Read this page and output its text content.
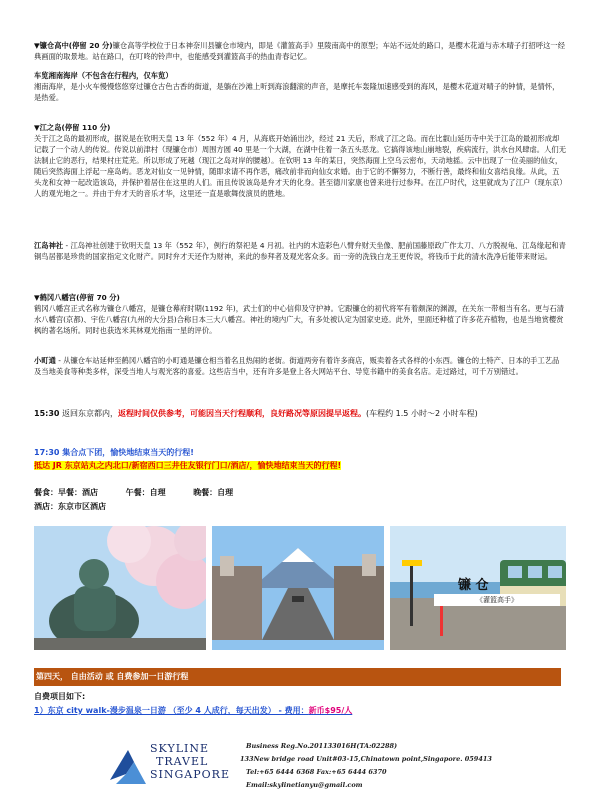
▼镰仓高中(停留 20 分)镰仓高等学校位于日本神奈川县镰仓市境内，即是《灌篮高手》里陵南高中的原型；车站不远处的路口，是樱木花道与赤木晴子打招呼这一经典画面的取景地。站在路口，在叮咚的铃声中，也能感受到灌篮高手的热血青春记忆。

车览湘南海岸（不包含在行程内，仅车览）

湘南海岸，是小火车慢慢悠悠穿过镰仓古色古香的街道，是躺在沙滩上听到海浪翻滚的声音，是摩托车轰隆加速感受到的海风，是樱木花道对晴子的钟情，是情怀，是热爱。

▼江之岛(停留 110 分)

关于江之岛的最初形成，据说是在钦明天皇 13 年（552 年）4 月，从海底开始涌出沙，经过 21 天后，形成了江之岛。而在比叡山延历寺中关于江岛的最初形成却记载了一个动人的传说。传说以前津村（现镰仓市）周围方圆 40 里是一个大湖，在湖中住着一条五头恶龙。它搞得该地山崩地裂，疾病流行，洪水台风肆虐。人们无法制止它的恶行，结果村庄荒芜。所以形成了死越（现江之岛对岸的腰越）。在钦明 13 年的某日，突然海面上空乌云密布，天动地摇。云中出现了一位美丽的仙女，随后突然海面上浮起一座岛屿。恶龙对仙女一见钟情，随即求请不再作恶，痛改前非而向仙女求婚。由于它的不懈努力，不断行善，最终和仙女喜结良缘。从此，五头龙和女神一起改造该岛，并保护着居住在这里的人们。而且传说该岛是弁才天的化身。甚至德川家康也曾来进行过参拜。在江户时代，这里就成为了江户（现东京）人的观光地之一。并由于弁才天的音乐才华，这里还一直是歌舞伎演员的胜地。

江岛神社 - 江岛神社创建于钦明天皇 13 年（552 年），例行的祭祀是 4 月初。社内的木造彩色八臂弁财天坐像、肥前国藤原政广作太刀、八方脱视龟、江岛缘起和青铜鸟居都是珍贵的国家指定文化财产。同时弁才天还作为财神，来此的参拜者及观光客众多。而一旁的洗钱白龙王更传说，将钱币于此的清水洗净后能带来财运。

▼鹤冈八幡宫(停留 70 分)

鹤冈八幡宫正式名称为镰仓八幡宫，是镰仓幕府时期(1192 年)，武士们的中心信仰及守护神。它跟镰仓的初代将军有着颇深的渊源，在关东一带相当有名。更与石清水八幡宫(京都)、宇佐八幡宫(九州的大分县)合称日本三大八幡宫。神社的境内广大，有多处被认定为国家史迹。此外，里面还种植了许多花卉植物，也是当地赏樱赏枫的著名场所。同时也获选米其林观光指南一星的评价。

小町通 - 从镰仓车站延伸至鹤冈八幡宫的小町通是镰仓相当着名且热闹的老街。街道两旁有着许多商店，贩卖着各式各样的小东西。镰仓的土特产、日本的手工艺品及当地美食等种类多样，深受当地人与观光客的喜爱。这些店当中，还有许多是登上各大网站平台、导览书籍中的美食名店。走过路过，可千万别错过。

15:30 返回东京都内，返程时间仅供参考，可能因当天行程顺利，良好路况等原因提早返程。(车程约 1.5 小时～2 小时车程)

17:30 集合点下团，愉快地结束当天的行程!

抵达 JR 东京站丸之内北口/新宿西口三井住友银行门口/酒店/，愉快地结束当天的行程!

餐食：早餐：酒店	午餐：自理	晚餐：自理

酒店：东京市区酒店

镰 仓
《灌篮高手》
第四天， 自由活动 或 自费参加一日游行程

自费项目如下:

1）东京 city walk-漫步温泉一日游 （至少 4 人成行，每天出发） - 费用：新币$95/人

SKYLINE
TRAVEL
SINGAPORE
Business Reg.No.201133016H(TA:02288)
133New bridge road Unit#03-15,Chinatown point,Singapore. 059413
Tel:+65 6444 6368 Fax:+65 6444 6370
Email:skylinetianyu@gmail.com
